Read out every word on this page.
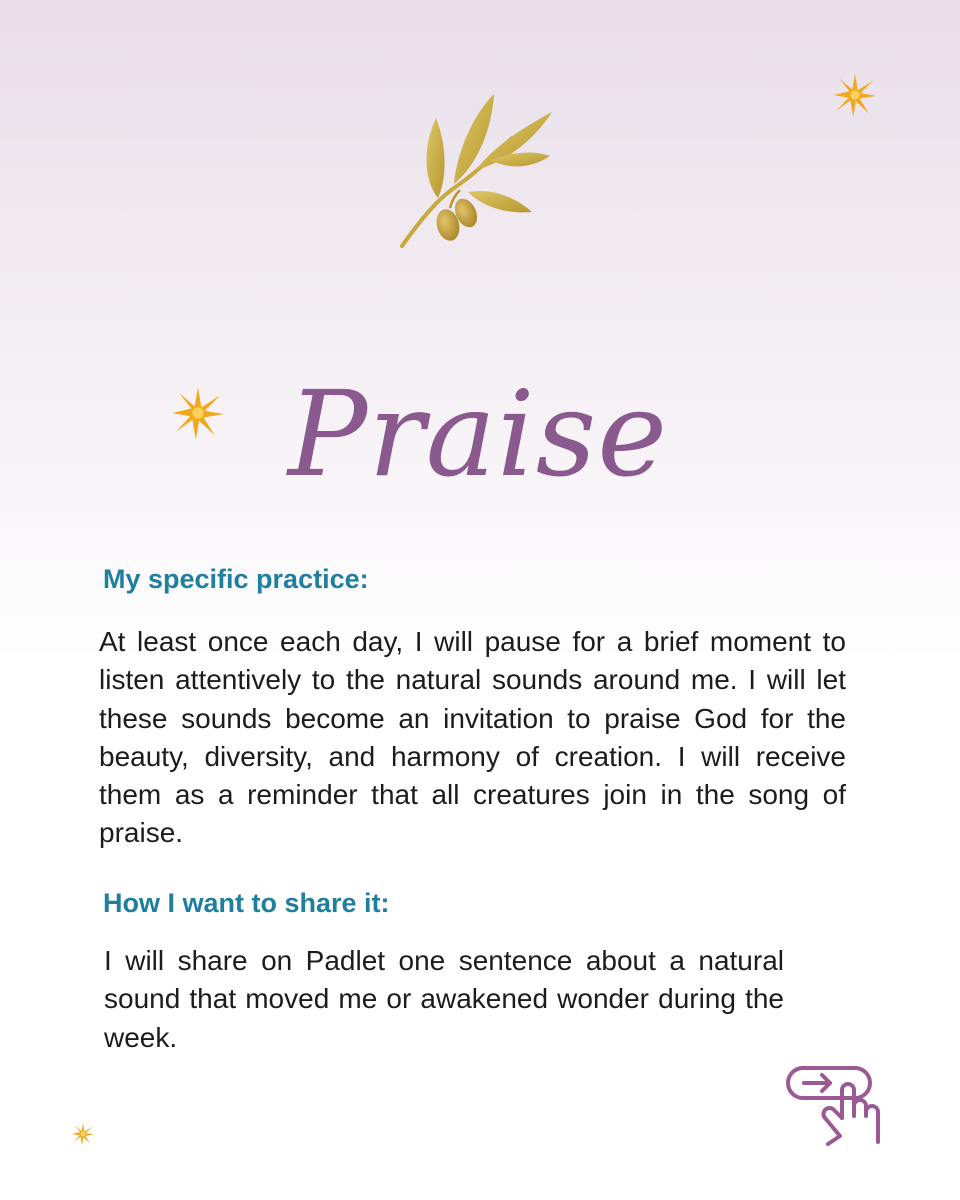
Praise
My specific practice:

At least once each day, I will pause for a brief moment to listen attentively to the natural sounds around me. I will let these sounds become an invitation to praise God for the beauty, diversity, and harmony of creation. I will receive them as a reminder that all creatures join in the song of praise.

How I want to share it:

I will share on Padlet one sentence about a natural sound that moved me or awakened wonder during the week.
